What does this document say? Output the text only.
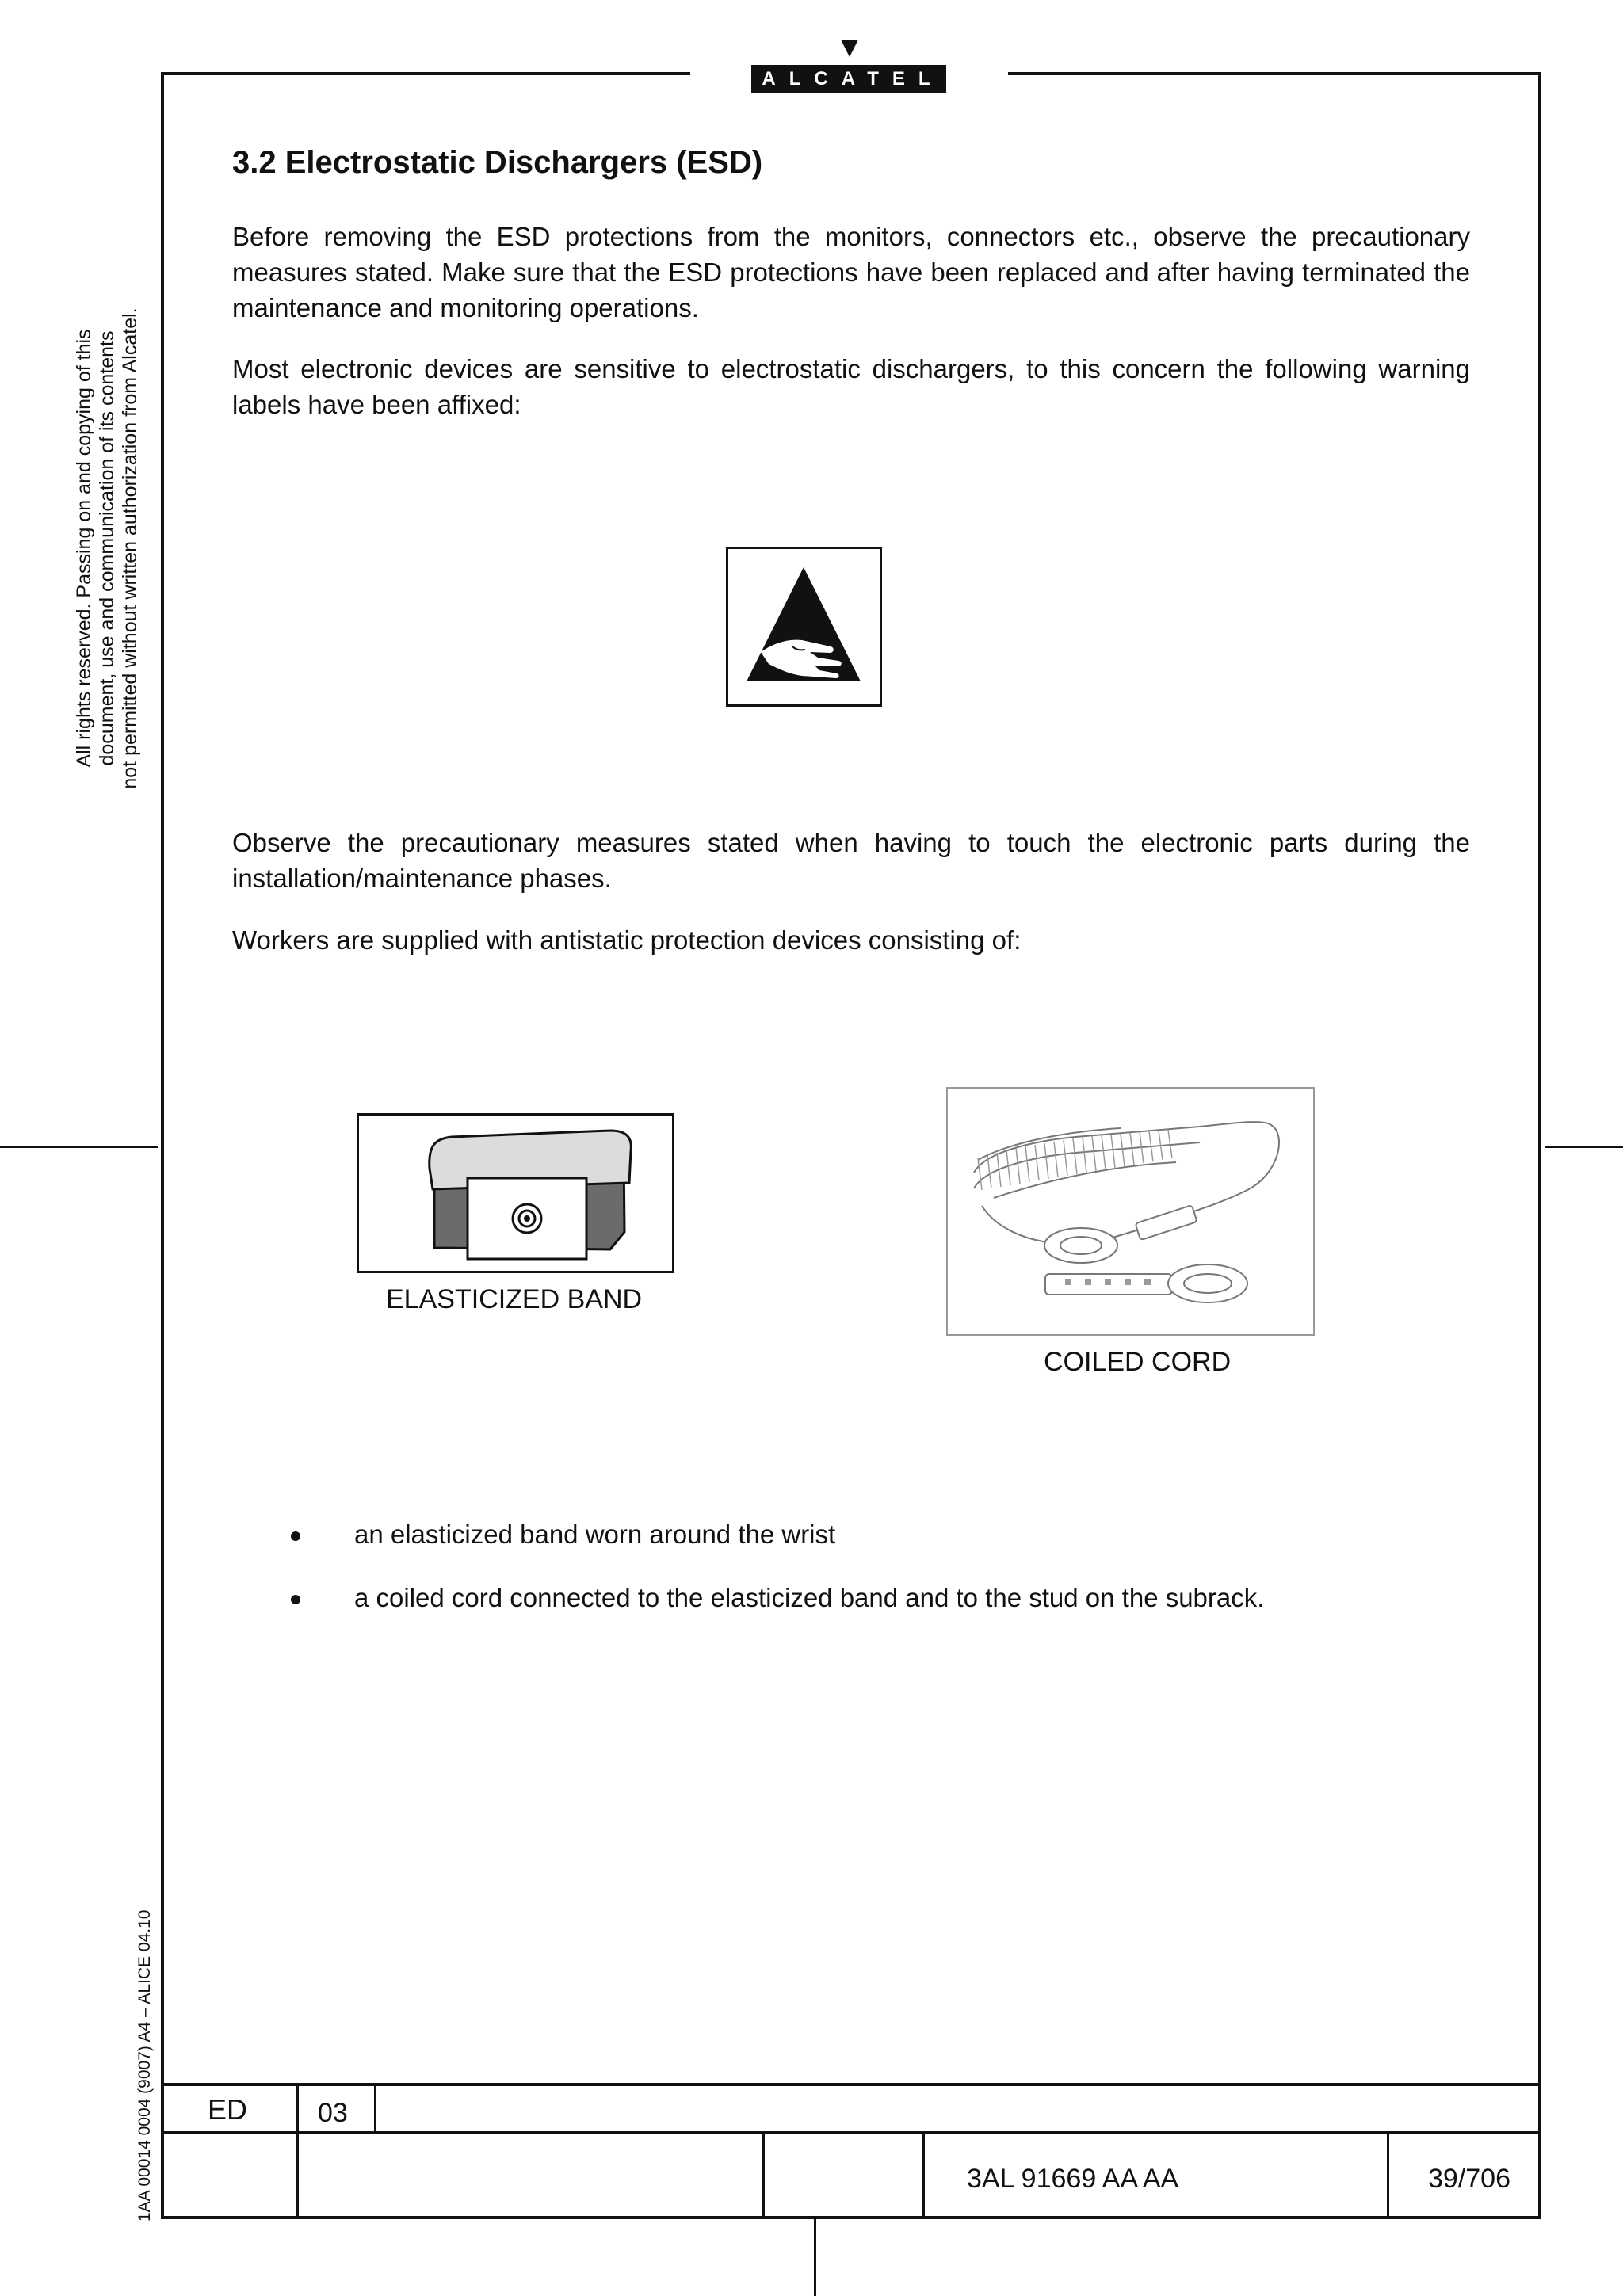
ALCATEL
All rights reserved. Passing on and copying of this document, use and communication of its contents not permitted without written authorization from Alcatel.
1AA 00014 0004 (9007) A4 – ALICE 04.10
3.2 Electrostatic Dischargers (ESD)

Before removing the ESD protections from the monitors, connectors etc., observe the precautionary measures stated. Make sure that the ESD protections have been replaced and after having terminated the maintenance and monitoring operations.

Most electronic devices are sensitive to electrostatic dischargers, to this concern the following warning labels have been affixed:

Observe the precautionary measures stated when having to touch the electronic parts during the installation/maintenance phases.

Workers are supplied with antistatic protection devices consisting of:

ELASTICIZED BAND
COILED CORD
an elasticized band worn around the wrist
a coiled cord connected to the elasticized band and to the stud on the subrack.
ED	03
3AL 91669 AA AA	39/706
